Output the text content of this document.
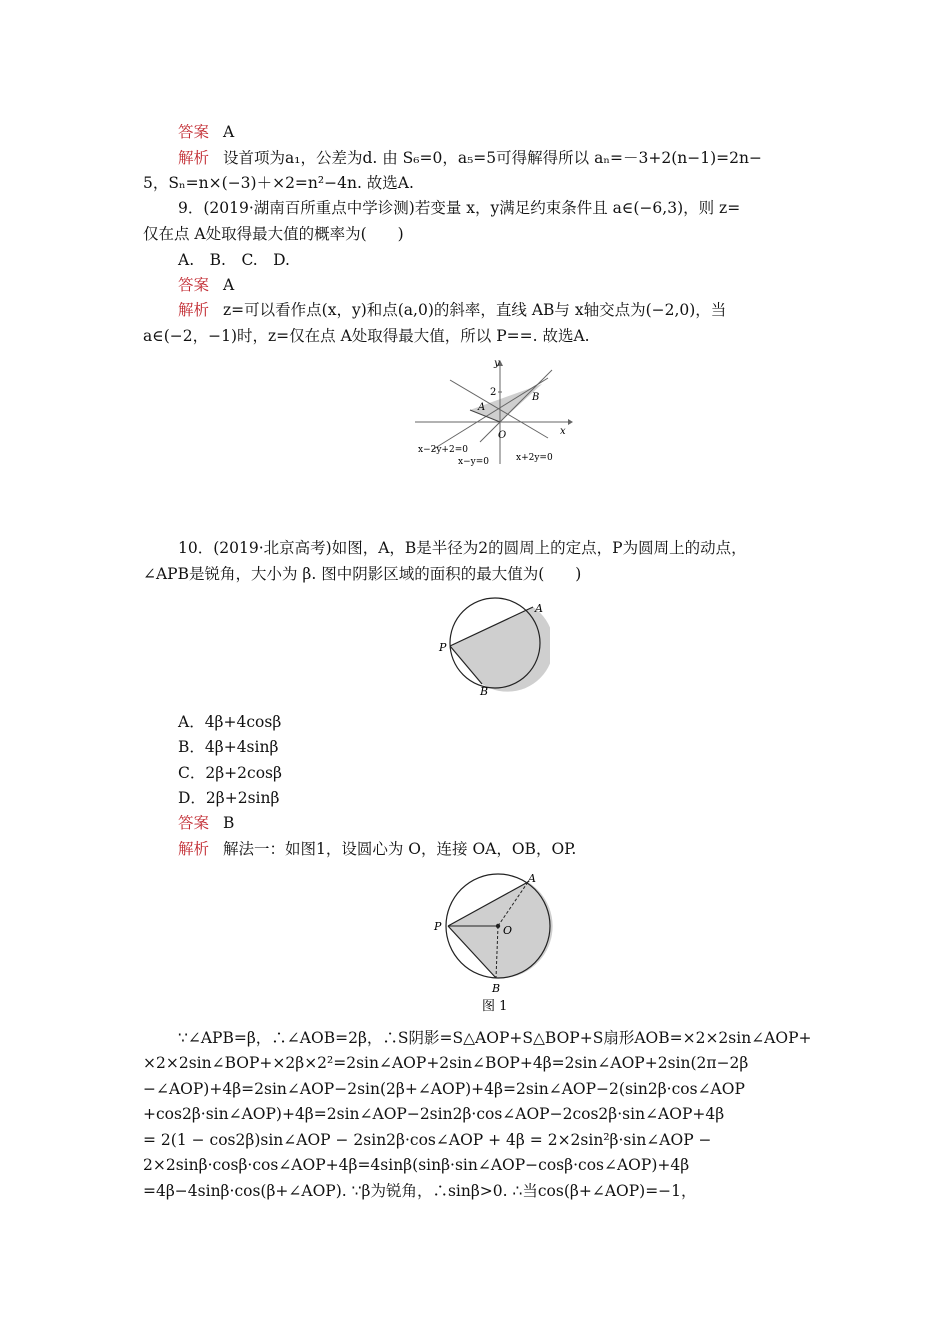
答案 A
解析 设首项为a₁，公差为d. 由 S₆=0，a₅=5可得解得所以 aₙ=－3+2(n−1)=2n−
5，Sₙ=n×(−3)＋×2=n²−4n. 故选A.
9．(2019·湖南百所重点中学诊测)若变量 x，y满足约束条件且 a∈(−6,3)，则 z=
仅在点 A处取得最大值的概率为(　　)
A.　B.　C.　D.
答案 A
解析 z=可以看作点(x，y)和点(a,0)的斜率，直线 AB与 x轴交点为(−2,0)，当
a∈(−2，−1)时，z=仅在点 A处取得最大值，所以 P==. 故选A.
y
x
2
A
B
O
x−2y+2=0
x−y=0	x+2y=0
10．(2019·北京高考)如图，A，B是半径为2的圆周上的定点，P为圆周上的动点，
∠APB是锐角，大小为 β. 图中阴影区域的面积的最大值为(　　)
A
P
B
A．4β+4cosβ
B．4β+4sinβ
C．2β+2cosβ
D．2β+2sinβ
答案 B
解析 解法一：如图1，设圆心为 O，连接 OA，OB，OP.
A
P
B
O
图 1
∵∠APB=β，∴∠AOB=2β，∴S阴影=S△AOP+S△BOP+S扇形AOB=×2×2sin∠AOP+
×2×2sin∠BOP+×2β×2²=2sin∠AOP+2sin∠BOP+4β=2sin∠AOP+2sin(2π−2β
−∠AOP)+4β=2sin∠AOP−2sin(2β+∠AOP)+4β=2sin∠AOP−2(sin2β·cos∠AOP
+cos2β·sin∠AOP)+4β=2sin∠AOP−2sin2β·cos∠AOP−2cos2β·sin∠AOP+4β
= 2(1 − cos2β)sin∠AOP − 2sin2β·cos∠AOP + 4β = 2×2sin²β·sin∠AOP −
2×2sinβ·cosβ·cos∠AOP+4β=4sinβ(sinβ·sin∠AOP−cosβ·cos∠AOP)+4β
=4β−4sinβ·cos(β+∠AOP). ∵β为锐角，∴sinβ>0. ∴当cos(β+∠AOP)=−1，
